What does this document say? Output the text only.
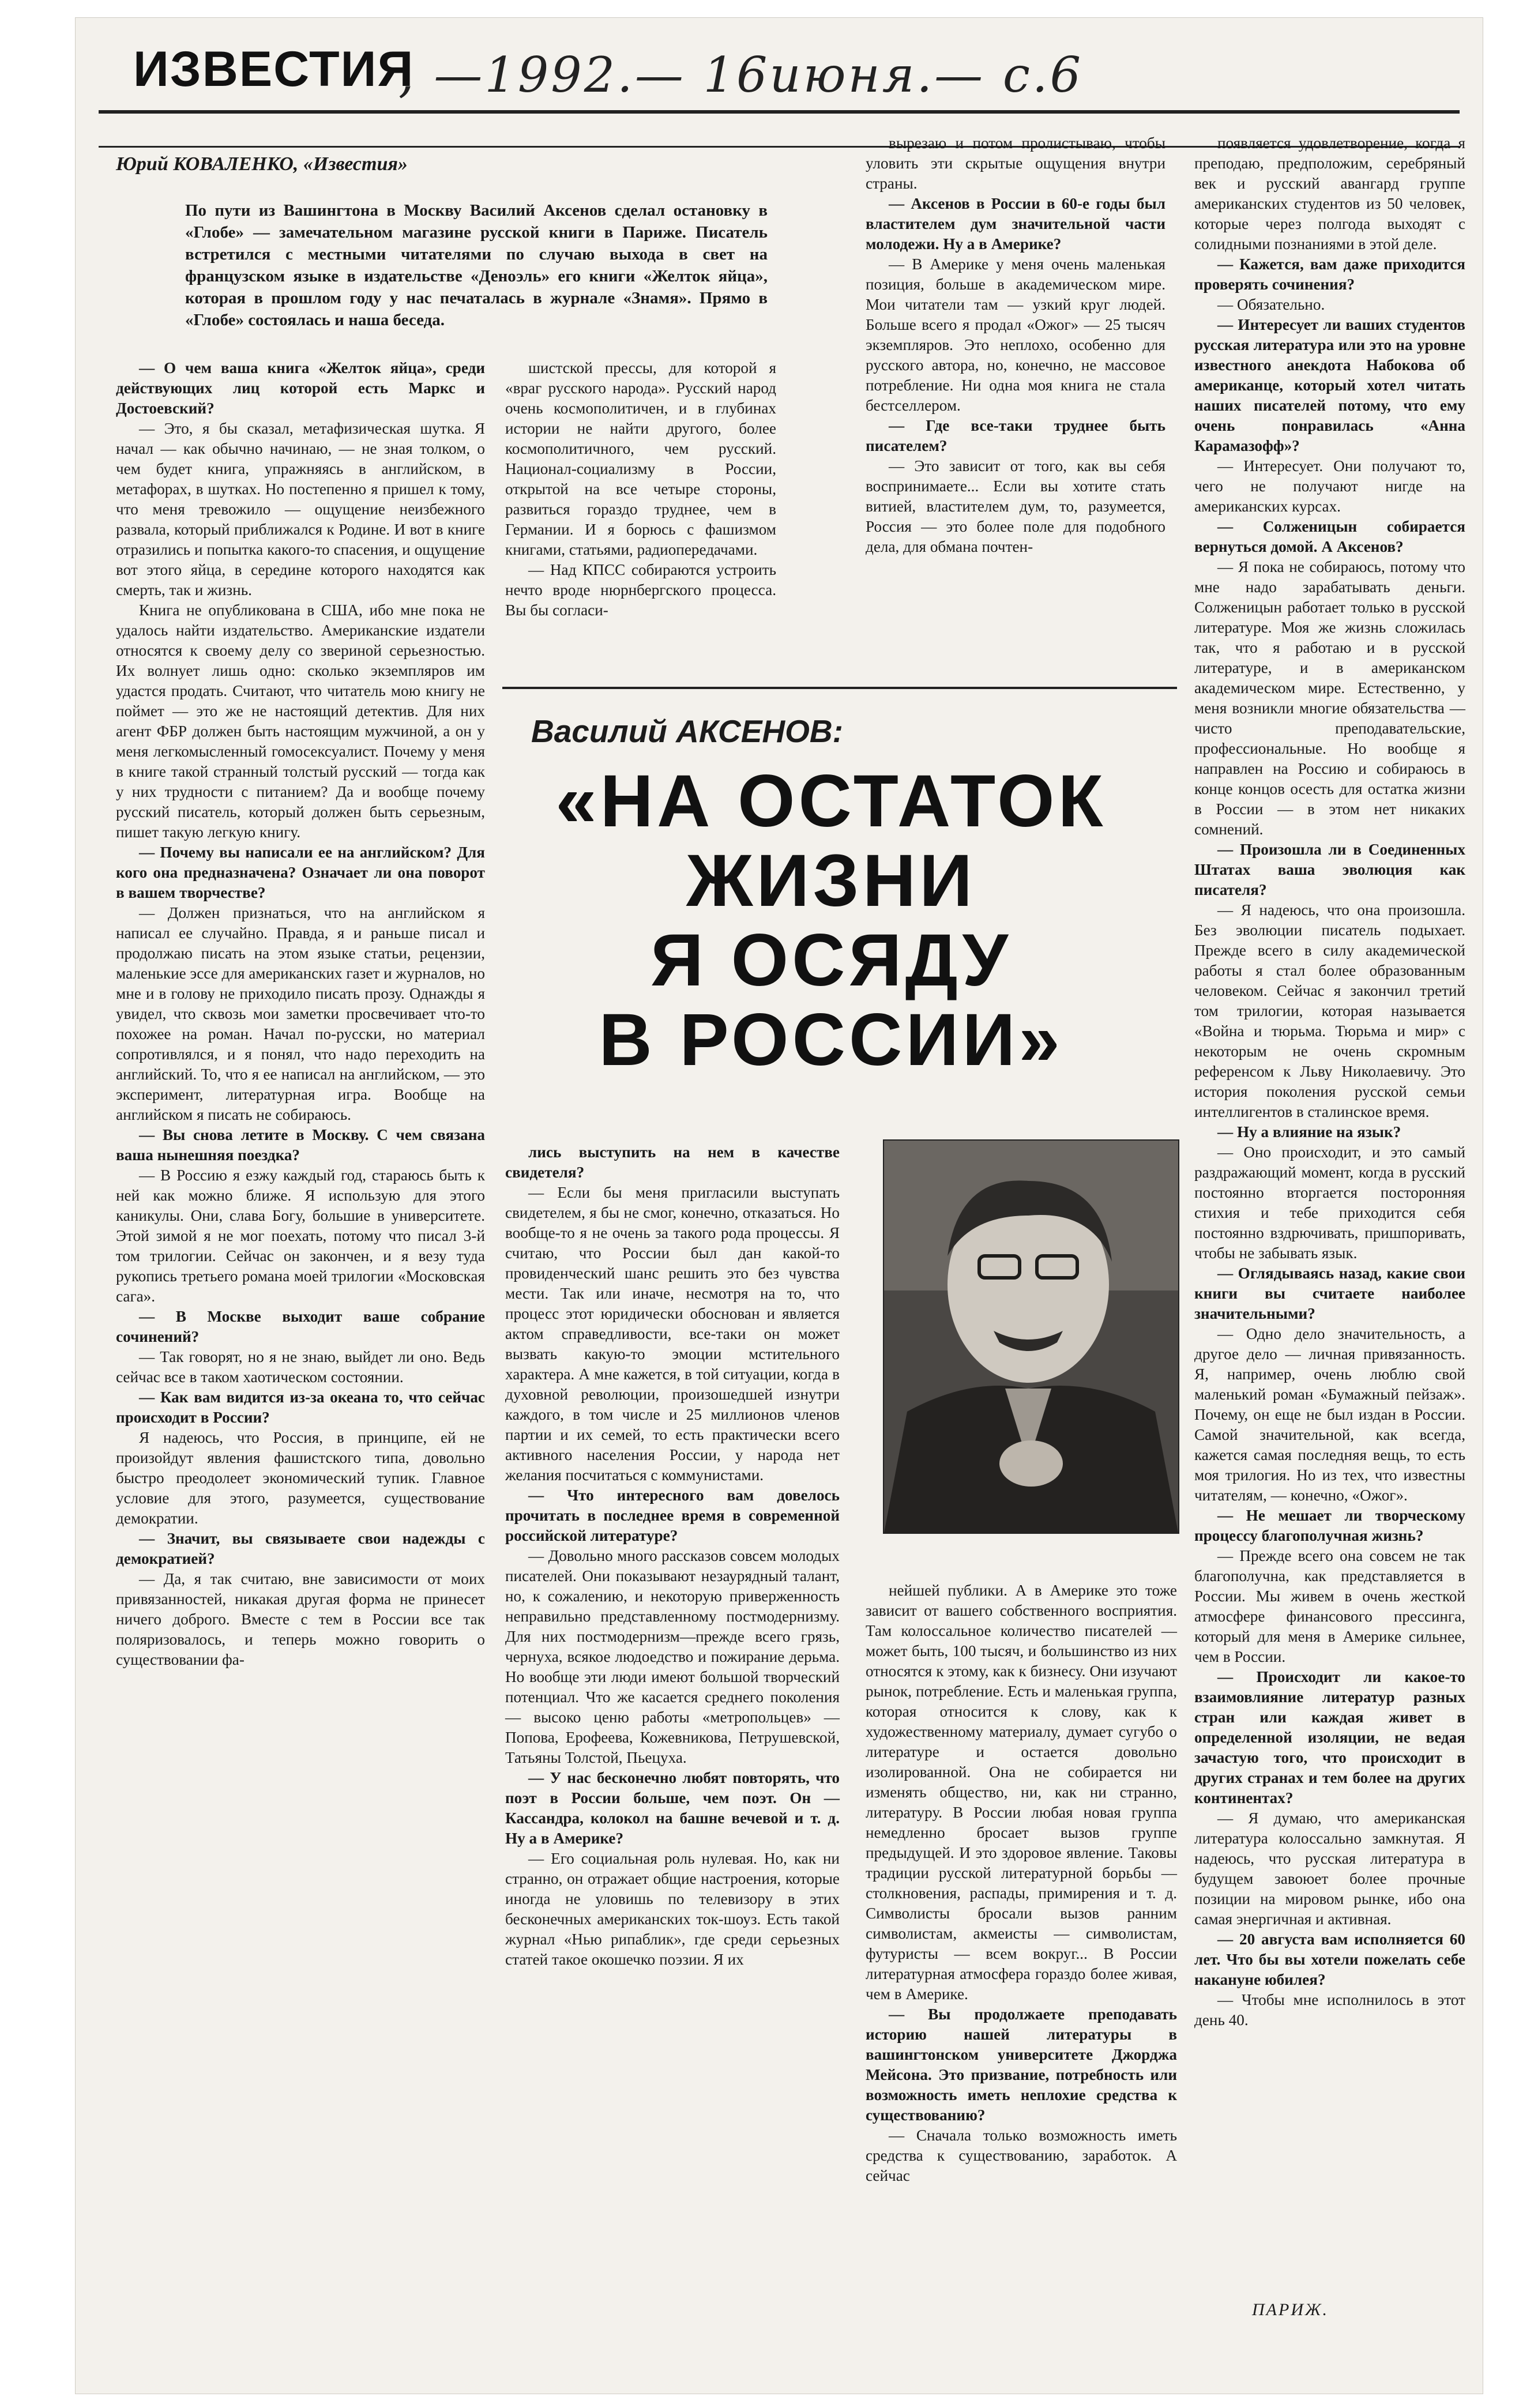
ИЗВЕСТИЯ
, —1992.— 16июня.— с.6
Юрий КОВАЛЕНКО, «Известия»
По пути из Вашингтона в Москву Василий Аксенов сделал остановку в «Глобе» — замечательном магазине русской книги в Париже. Писатель встретился с местными читателями по случаю выхода в свет на французском языке в издательстве «Деноэль» его книги «Желток яйца», которая в прошлом году у нас печаталась в журнале «Знамя». Прямо в «Глобе» состоялась и наша беседа.

— О чем ваша книга «Желток яйца», среди действующих лиц которой есть Маркс и Достоевский?

— Это, я бы сказал, метафизическая шутка. Я начал — как обычно начинаю, — не зная толком, о чем будет книга, упражняясь в английском, в метафорах, в шутках. Но постепенно я пришел к тому, что меня тревожило — ощущение неизбежного развала, который приближался к Родине. И вот в книге отразились и попытка какого-то спасения, и ощущение вот этого яйца, в середине которого находятся как смерть, так и жизнь.

Книга не опубликована в США, ибо мне пока не удалось найти издательство. Американские издатели относятся к своему делу со звериной серьезностью. Их волнует лишь одно: сколько экземпляров им удастся продать. Считают, что читатель мою книгу не поймет — это же не настоящий детектив. Для них агент ФБР должен быть настоящим мужчиной, а он у меня легкомысленный гомосексуалист. Почему у меня в книге такой странный толстый русский — тогда как у них трудности с питанием? Да и вообще почему русский писатель, который должен быть серьезным, пишет такую легкую книгу.

— Почему вы написали ее на английском? Для кого она предназначена? Означает ли она поворот в вашем творчестве?

— Должен признаться, что на английском я написал ее случайно. Правда, я и раньше писал и продолжаю писать на этом языке статьи, рецензии, маленькие эссе для американских газет и журналов, но мне и в голову не приходило писать прозу. Однажды я увидел, что сквозь мои заметки просвечивает что-то похожее на роман. Начал по-русски, но материал сопротивлялся, и я понял, что надо переходить на английский. То, что я ее написал на английском, — это эксперимент, литературная игра. Вообще на английском я писать не собираюсь.

— Вы снова летите в Москву. С чем связана ваша нынешняя поездка?

— В Россию я езжу каждый год, стараюсь быть к ней как можно ближе. Я использую для этого каникулы. Они, слава Богу, большие в университете. Этой зимой я не мог поехать, потому что писал 3-й том трилогии. Сейчас он закончен, и я везу туда рукопись третьего романа моей трилогии «Московская сага».

— В Москве выходит ваше собрание сочинений?

— Так говорят, но я не знаю, выйдет ли оно. Ведь сейчас все в таком хаотическом состоянии.

— Как вам видится из-за океана то, что сейчас происходит в России?

Я надеюсь, что Россия, в принципе, ей не произойдут явления фашистского типа, довольно быстро преодолеет экономический тупик. Главное условие для этого, разумеется, существование демократии.

— Значит, вы связываете свои надежды с демократией?

— Да, я так считаю, вне зависимости от моих привязанностей, никакая другая форма не принесет ничего доброго. Вместе с тем в России все так поляризовалось, и теперь можно говорить о существовании фа-

шистской прессы, для которой я «враг русского народа». Русский народ очень космополитичен, и в глубинах истории не найти другого, более космополитичного, чем русский. Национал-социализму в России, открытой на все четыре стороны, развиться гораздо труднее, чем в Германии. И я борюсь с фашизмом книгами, статьями, радиопередачами.

— Над КПСС собираются устроить нечто вроде нюрнбергского процесса. Вы бы согласи-

вырезаю и потом пролистываю, чтобы уловить эти скрытые ощущения внутри страны.

— Аксенов в России в 60-е годы был властителем дум значительной части молодежи. Ну а в Америке?

— В Америке у меня очень маленькая позиция, больше в академическом мире. Мои читатели там — узкий круг людей. Больше всего я продал «Ожог» — 25 тысяч экземпляров. Это неплохо, особенно для русского автора, но, конечно, не массовое потребление. Ни одна моя книга не стала бестселлером.

— Где все-таки труднее быть писателем?

— Это зависит от того, как вы себя воспринимаете... Если вы хотите стать витией, властителем дум, то, разумеется, Россия — это более поле для подобного дела, для обмана почтен-

Василий АКСЕНОВ:
«НА ОСТАТОК
ЖИЗНИ
Я ОСЯДУ
В РОССИИ»

лись выступить на нем в качестве свидетеля?

— Если бы меня пригласили выступать свидетелем, я бы не смог, конечно, отказаться. Но вообще-то я не очень за такого рода процессы. Я считаю, что России был дан какой-то провиденческий шанс решить это без чувства мести. Так или иначе, несмотря на то, что процесс этот юридически обоснован и является актом справедливости, все-таки он может вызвать какую-то эмоции мстительного характера. А мне кажется, в той ситуации, когда в духовной революции, произошедшей изнутри каждого, в том числе и 25 миллионов членов партии и их семей, то есть практически всего активного населения России, у народа нет желания посчитаться с коммунистами.

— Что интересного вам довелось прочитать в последнее время в современной российской литературе?

— Довольно много рассказов совсем молодых писателей. Они показывают незаурядный талант, но, к сожалению, и некоторую приверженность неправильно представленному постмодернизму. Для них постмодернизм—прежде всего грязь, чернуха, всякое людоедство и пожирание дерьма. Но вообще эти люди имеют большой творческий потенциал. Что же касается среднего поколения — высоко ценю работы «метропольцев» — Попова, Ерофеева, Кожевникова, Петрушевской, Татьяны Толстой, Пьецуха.

— У нас бесконечно любят повторять, что поэт в России больше, чем поэт. Он — Кассандра, колокол на башне вечевой и т. д. Ну а в Америке?

— Его социальная роль нулевая. Но, как ни странно, он отражает общие настроения, которые иногда не уловишь по телевизору в этих бесконечных американских ток-шоуз. Есть такой журнал «Нью рипаблик», где среди серьезных статей такое окошечко поэзии. Я их

нейшей публики. А в Америке это тоже зависит от вашего собственного восприятия. Там колоссальное количество писателей — может быть, 100 тысяч, и большинство из них относятся к этому, как к бизнесу. Они изучают рынок, потребление. Есть и маленькая группа, которая относится к слову, как к художественному материалу, думает сугубо о литературе и остается довольно изолированной. Она не собирается ни изменять общество, ни, как ни странно, литературу. В России любая новая группа немедленно бросает вызов группе предыдущей. И это здоровое явление. Таковы традиции русской литературной борьбы — столкновения, распады, примирения и т. д. Символисты бросали вызов ранним символистам, акмеисты — символистам, футуристы — всем вокруг... В России литературная атмосфера гораздо более живая, чем в Америке.

— Вы продолжаете преподавать историю нашей литературы в вашингтонском университете Джорджа Мейсона. Это призвание, потребность или возможность иметь неплохие средства к существованию?

— Сначала только возможность иметь средства к существованию, заработок. А сейчас

появляется удовлетворение, когда я преподаю, предположим, серебряный век и русский авангард группе американских студентов из 50 человек, которые через полгода выходят с солидными познаниями в этой деле.

— Кажется, вам даже приходится проверять сочинения?

— Обязательно.

— Интересует ли ваших студентов русская литература или это на уровне известного анекдота Набокова об американце, который хотел читать наших писателей потому, что ему очень понравилась «Анна Карамазофф»?

— Интересует. Они получают то, чего не получают нигде на американских курсах.

— Солженицын собирается вернуться домой. А Аксенов?

— Я пока не собираюсь, потому что мне надо зарабатывать деньги. Солженицын работает только в русской литературе. Моя же жизнь сложилась так, что я работаю и в русской литературе, и в американском академическом мире. Естественно, у меня возникли многие обязательства — чисто преподавательские, профессиональные. Но вообще я направлен на Россию и собираюсь в конце концов осесть для остатка жизни в России — в этом нет никаких сомнений.

— Произошла ли в Соединенных Штатах ваша эволюция как писателя?

— Я надеюсь, что она произошла. Без эволюции писатель подыхает. Прежде всего в силу академической работы я стал более образованным человеком. Сейчас я закончил третий том трилогии, которая называется «Война и тюрьма. Тюрьма и мир» с некоторым не очень скромным референсом к Льву Николаевичу. Это история поколения русской семьи интеллигентов в сталинское время.

— Ну а влияние на язык?

— Оно происходит, и это самый раздражающий момент, когда в русский постоянно вторгается посторонняя стихия и тебе приходится себя постоянно вздрючивать, пришпоривать, чтобы не забывать язык.

— Оглядываясь назад, какие свои книги вы считаете наиболее значительными?

— Одно дело значительность, а другое дело — личная привязанность. Я, например, очень люблю свой маленький роман «Бумажный пейзаж». Почему, он еще не был издан в России. Самой значительной, как всегда, кажется самая последняя вещь, то есть моя трилогия. Но из тех, что известны читателям, — конечно, «Ожог».

— Не мешает ли творческому процессу благополучная жизнь?

— Прежде всего она совсем не так благополучна, как представляется в России. Мы живем в очень жесткой атмосфере финансового прессинга, который для меня в Америке сильнее, чем в России.

— Происходит ли какое-то взаимовлияние литератур разных стран или каждая живет в определенной изоляции, не ведая зачастую того, что происходит в других странах и тем более на других континентах?

— Я думаю, что американская литература колоссально замкнутая. Я надеюсь, что русская литература в будущем завоюет более прочные позиции на мировом рынке, ибо она самая энергичная и активная.

— 20 августа вам исполняется 60 лет. Что бы вы хотели пожелать себе накануне юбилея?

— Чтобы мне исполнилось в этот день 40.

ПАРИЖ.
